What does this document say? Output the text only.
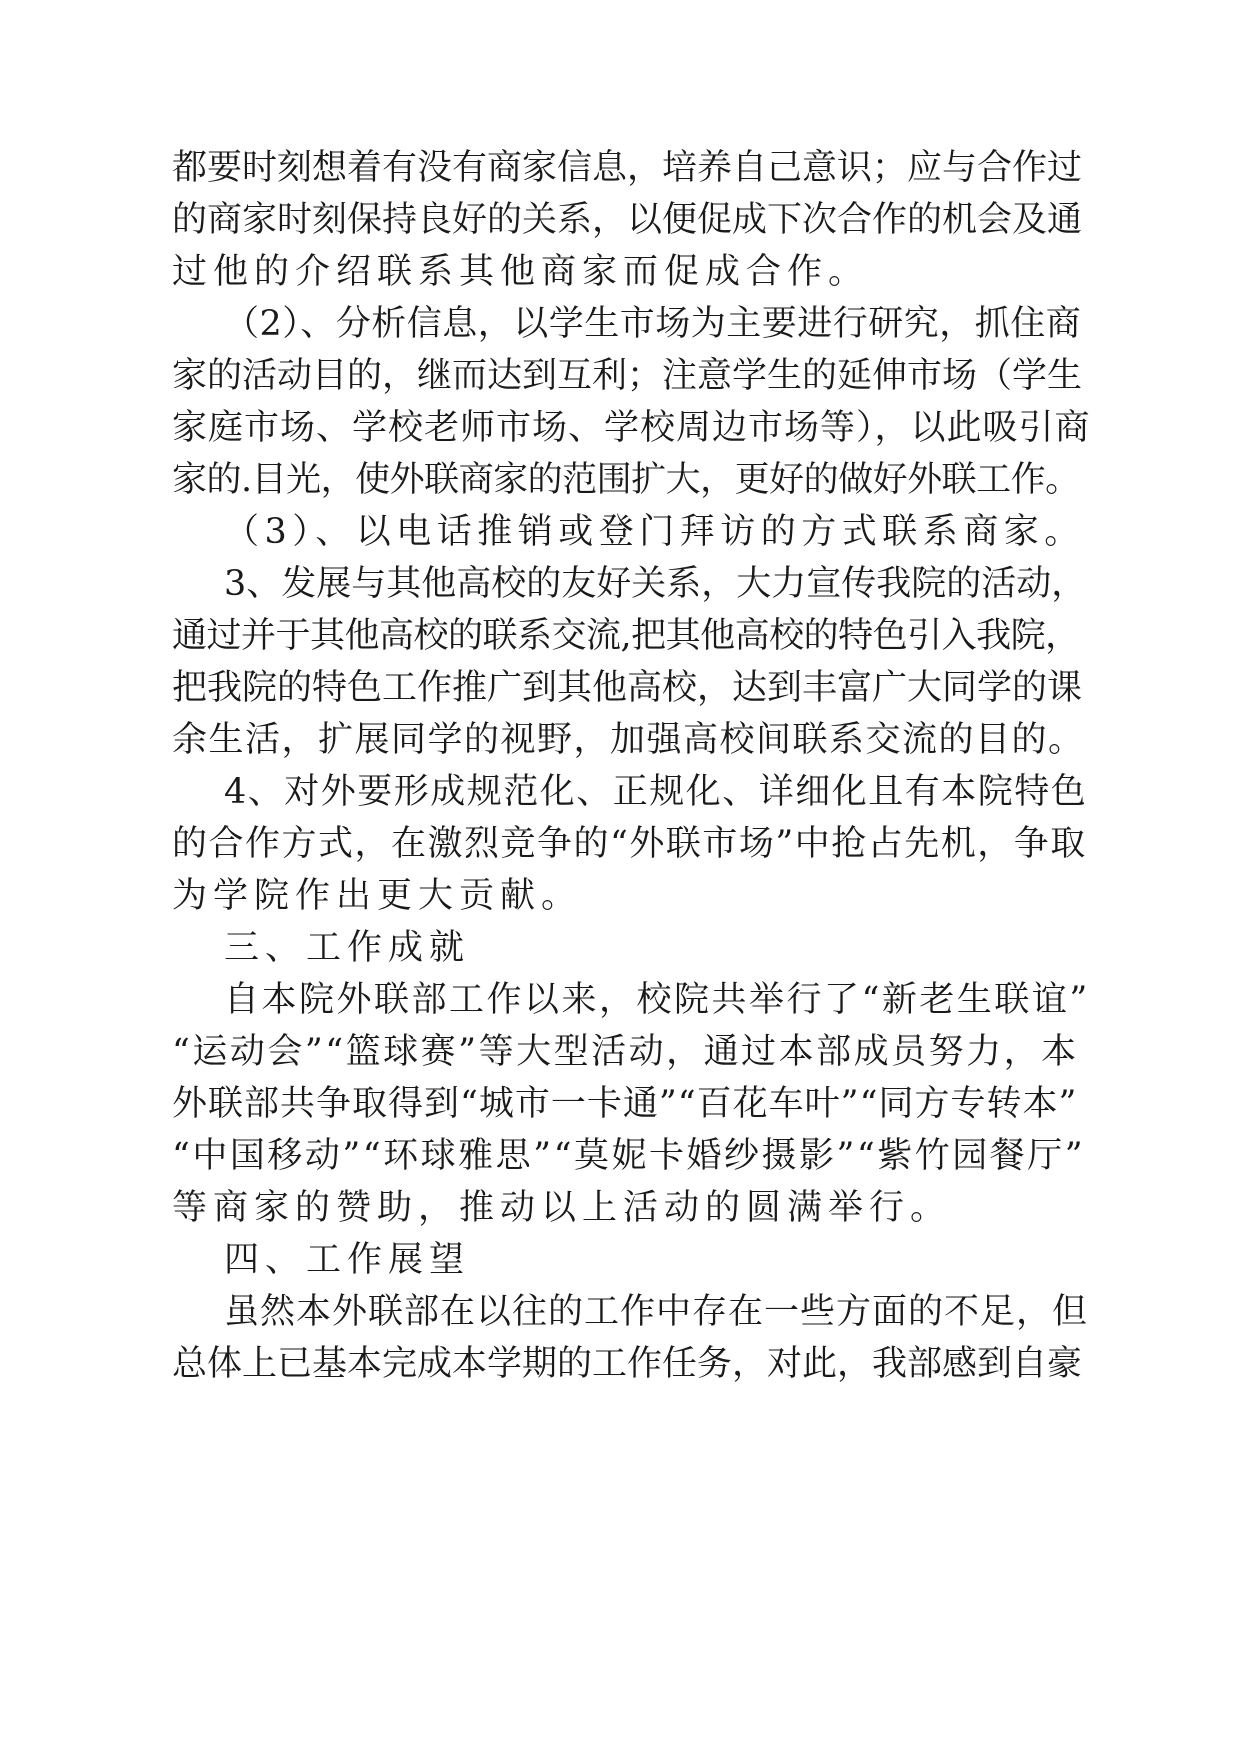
都要时刻想着有没有商家信息，培养自己意识；应与合作过

的商家时刻保持良好的关系，以便促成下次合作的机会及通

过他的介绍联系其他商家而促成合作。

（2）、分析信息，以学生市场为主要进行研究，抓住商

家的活动目的，继而达到互利；注意学生的延伸市场（学生

家庭市场、学校老师市场、学校周边市场等），以此吸引商

家的.目光，使外联商家的范围扩大，更好的做好外联工作。

（3）、以电话推销或登门拜访的方式联系商家。

3、发展与其他高校的友好关系，大力宣传我院的活动，

通过并于其他高校的联系交流,把其他高校的特色引入我院，

把我院的特色工作推广到其他高校，达到丰富广大同学的课

余生活，扩展同学的视野，加强高校间联系交流的目的。

4、对外要形成规范化、正规化、详细化且有本院特色

的合作方式，在激烈竞争的“外联市场”中抢占先机，争取

为学院作出更大贡献。

三、工作成就

自本院外联部工作以来，校院共举行了“新老生联谊”

“运动会”“篮球赛”等大型活动，通过本部成员努力，本

外联部共争取得到“城市一卡通”“百花车叶”“同方专转本”

“中国移动”“环球雅思”“莫妮卡婚纱摄影”“紫竹园餐厅”

等商家的赞助，推动以上活动的圆满举行。

四、工作展望

虽然本外联部在以往的工作中存在一些方面的不足，但

总体上已基本完成本学期的工作任务，对此，我部感到自豪
